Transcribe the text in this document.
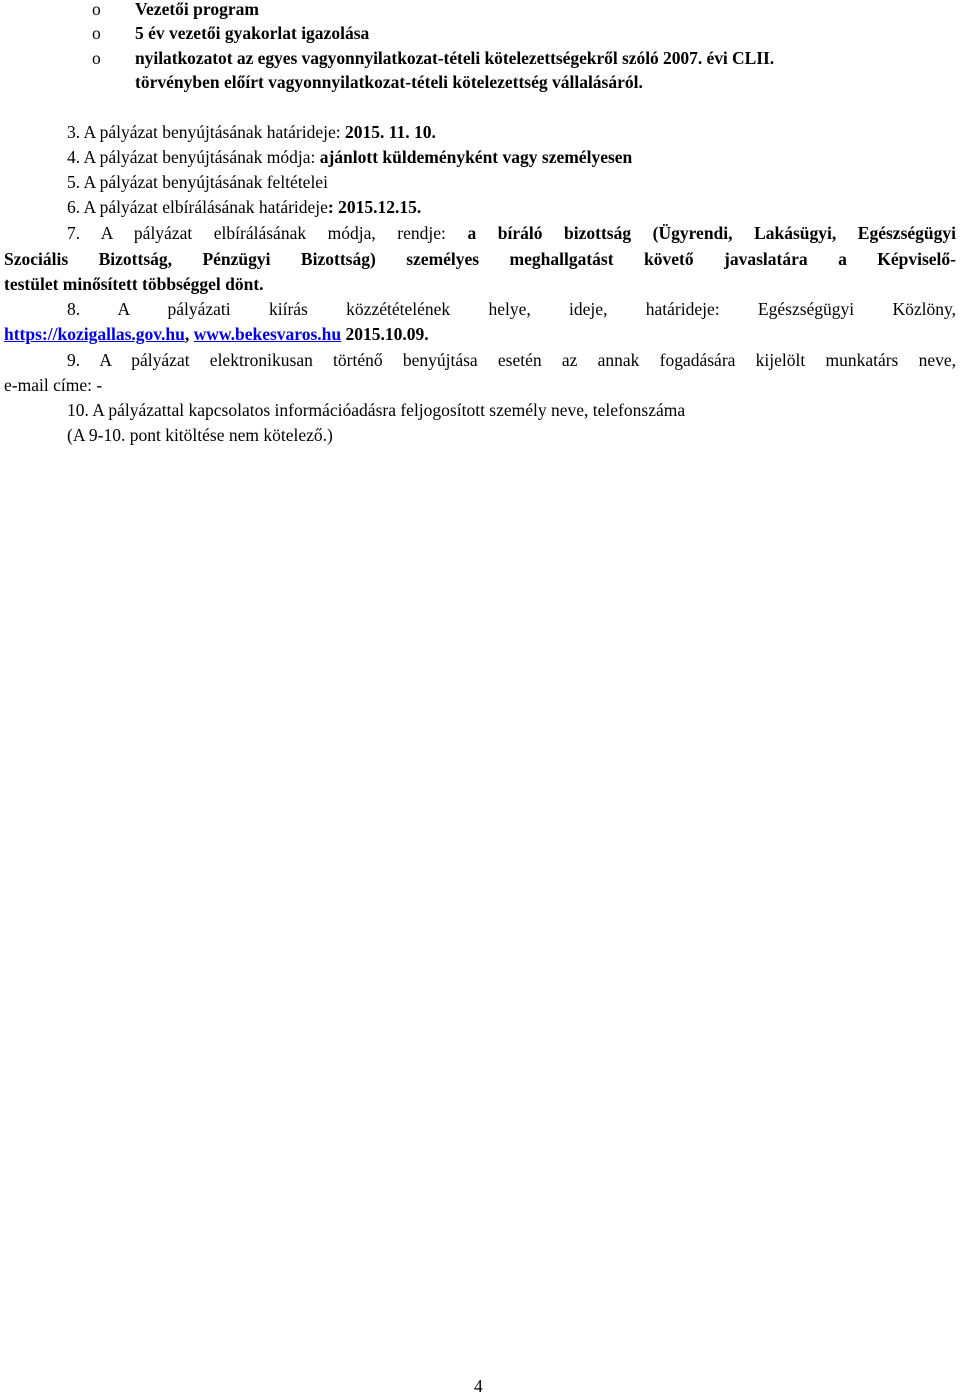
o Vezetői program
o 5 év vezetői gyakorlat igazolása
o nyilatkozatot az egyes vagyonnyilatkozat-tételi kötelezettségekről szóló 2007. évi CLII.
törvényben előírt vagyonnyilatkozat-tételi kötelezettség vállalásáról.
3. A pályázat benyújtásának határideje: 2015. 11. 10.
4. A pályázat benyújtásának módja: ajánlott küldeményként vagy személyesen
5. A pályázat benyújtásának feltételei
6. A pályázat elbírálásának határideje: 2015.12.15.
7. A pályázat elbírálásának módja, rendje: a bíráló bizottság (Ügyrendi, Lakásügyi, Egészségügyi
Szociális Bizottság, Pénzügyi Bizottság) személyes meghallgatást követő javaslatára a Képviselő-
testület minősített többséggel dönt.
8. A pályázati kiírás közzétételének helye, ideje, határideje: Egészségügyi Közlöny,
https://kozigallas.gov.hu, www.bekesvaros.hu 2015.10.09.
9. A pályázat elektronikusan történő benyújtása esetén az annak fogadására kijelölt munkatárs neve,
e-mail címe: -
10. A pályázattal kapcsolatos információadásra feljogosított személy neve, telefonszáma
(A 9-10. pont kitöltése nem kötelező.)
4
